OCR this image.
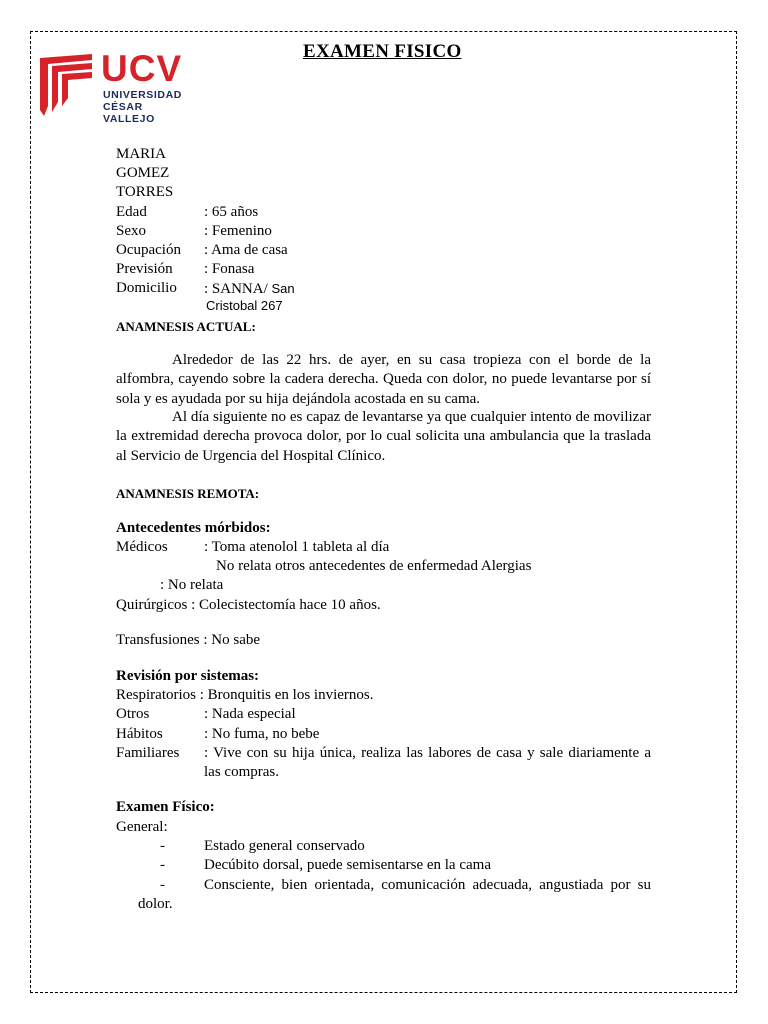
UCV
UNIVERSIDAD
CÉSAR VALLEJO
EXAMEN FISICO
MARIA
GOMEZ
TORRES
Edad	: 65 años
Sexo	: Femenino
Ocupación : Ama de casa
Previsión : Fonasa
Domicilio : SANNA/ San
Cristobal 267
ANAMNESIS ACTUAL:
Alrededor de las 22 hrs. de ayer, en su casa tropieza con el borde de la alfombra, cayendo sobre la cadera derecha. Queda con dolor, no puede levantarse por sí sola y es ayudada por su hija dejándola acostada en su cama.
Al día siguiente no es capaz de levantarse ya que cualquier intento de movilizar la extremidad derecha provoca dolor, por lo cual solicita una ambulancia que la traslada al Servicio de Urgencia del Hospital Clínico.
ANAMNESIS REMOTA:
Antecedentes mórbidos:
Médicos : Toma atenolol 1 tableta al día
No relata otros antecedentes de enfermedad Alergias
: No relata
Quirúrgicos : Colecistectomía hace 10 años.
Transfusiones : No sabe
Revisión por sistemas:
Respiratorios : Bronquitis en los inviernos.
Otros	: Nada especial
Hábitos	: No fuma, no bebe
Familiares : Vive con su hija única, realiza las labores de casa y sale diariamente a
las compras.
Examen Físico:
General:
-	Estado general conservado
-	Decúbito dorsal, puede semisentarse en la cama
-	Consciente, bien orientada, comunicación adecuada, angustiada por su
dolor.
